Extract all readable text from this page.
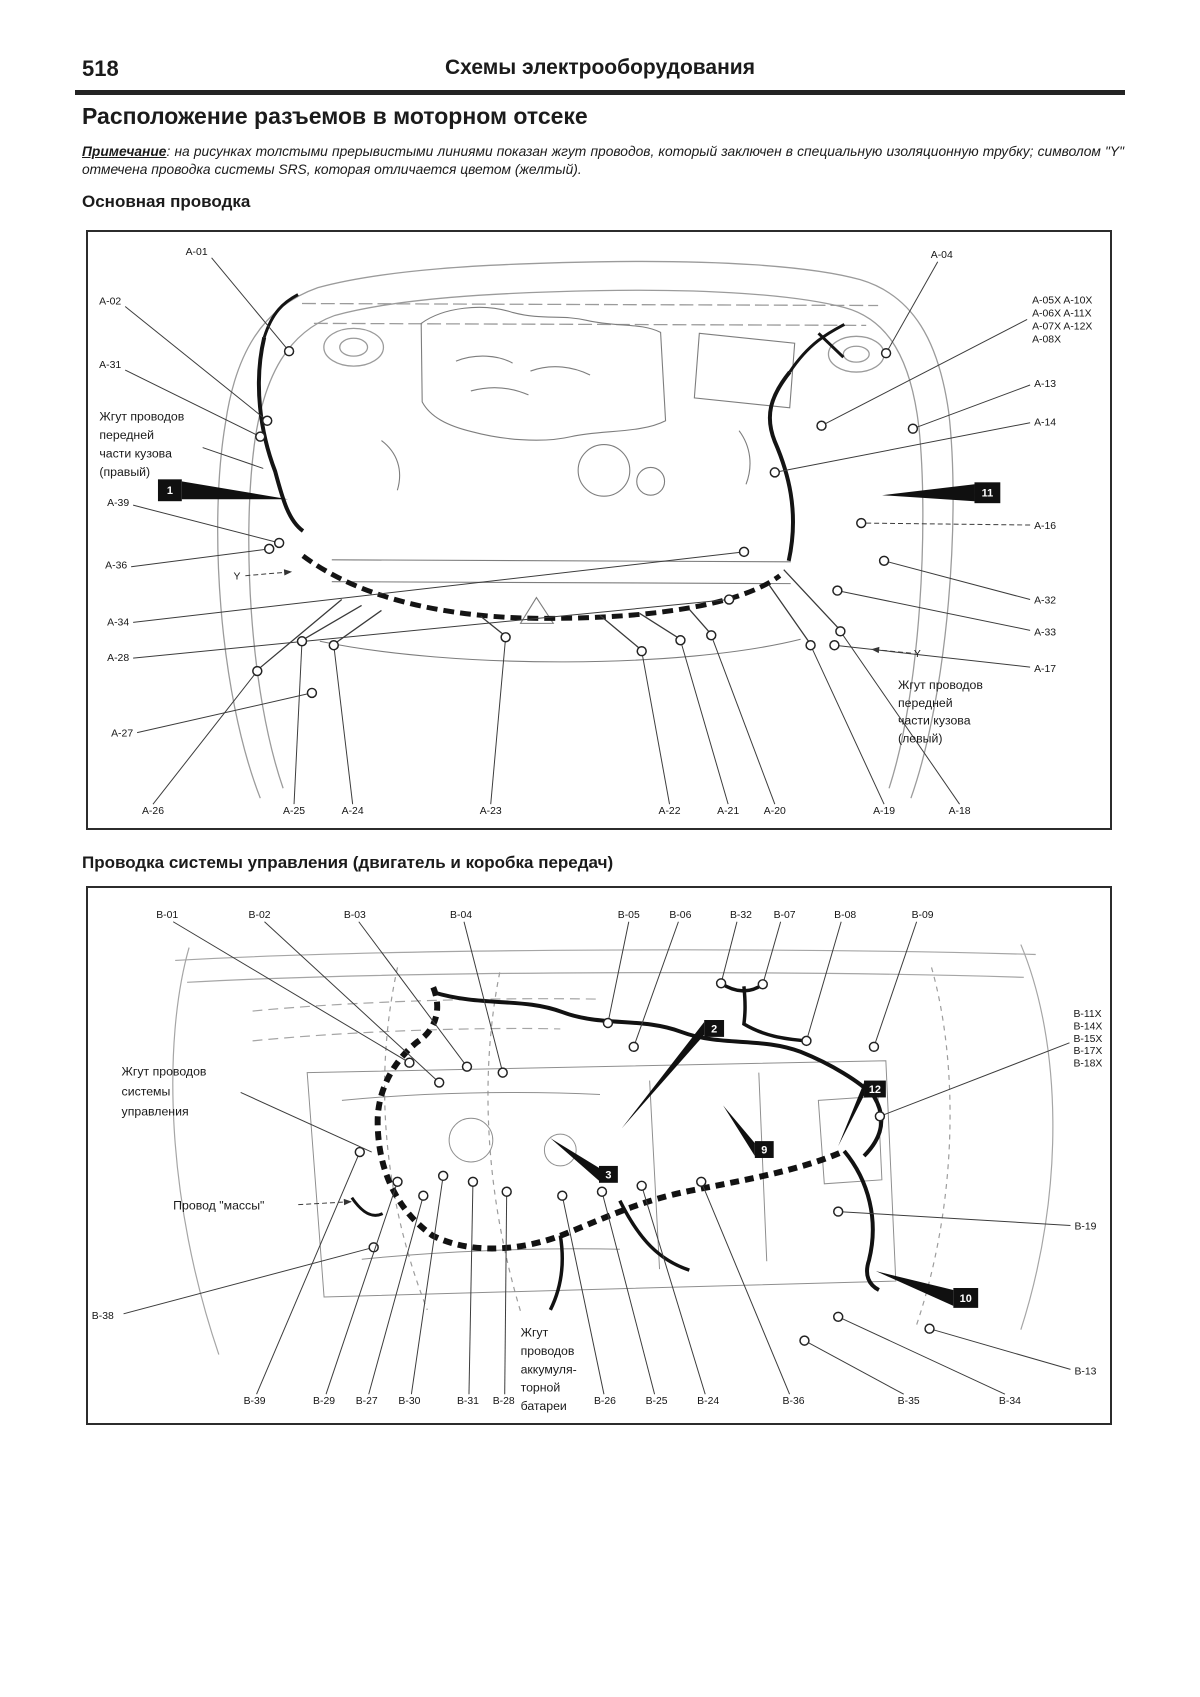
518	Схемы электрооборудования
Расположение разъемов в моторном отсеке

Примечание: на рисунках толстыми прерывистыми линиями показан жгут проводов, который заключен в специальную изоляционную трубку; символом "Y" отмечена проводка системы SRS, которая отличается цветом (желтый).

Основная проводка
A-01
A-02
A-31
A-39
A-36
Y
A-34
A-28
A-27
A-26	A-25	A-24	A-23	A-22	A-21 A-20	A-19	A-18
A-04
A-13
A-14
A-16
A-32
A-33
Y
A-17
A-05X A-10X
A-06X A-11X
A-07X A-12X
A-08X
Жгут проводов
передней
части кузова
(правый)
Жгут проводов
передней
части кузова
(левый)
1	11
Проводка системы управления (двигатель и коробка передач)
B-01	B-02	B-03	B-04	B-05	B-06	B-32 B-07	B-08	B-09
B-19
B-13
B-38
B-39	B-29 B-27 B-30	B-31 B-28	B-26	B-25	B-24	B-36	B-35	B-34
B-11X
B-14X
B-15X
B-17X
B-18X
Жгут проводов
системы
управления
Провод "массы"
Жгут
проводов
аккумуля-
торной
батареи
2
12
9
3
10
